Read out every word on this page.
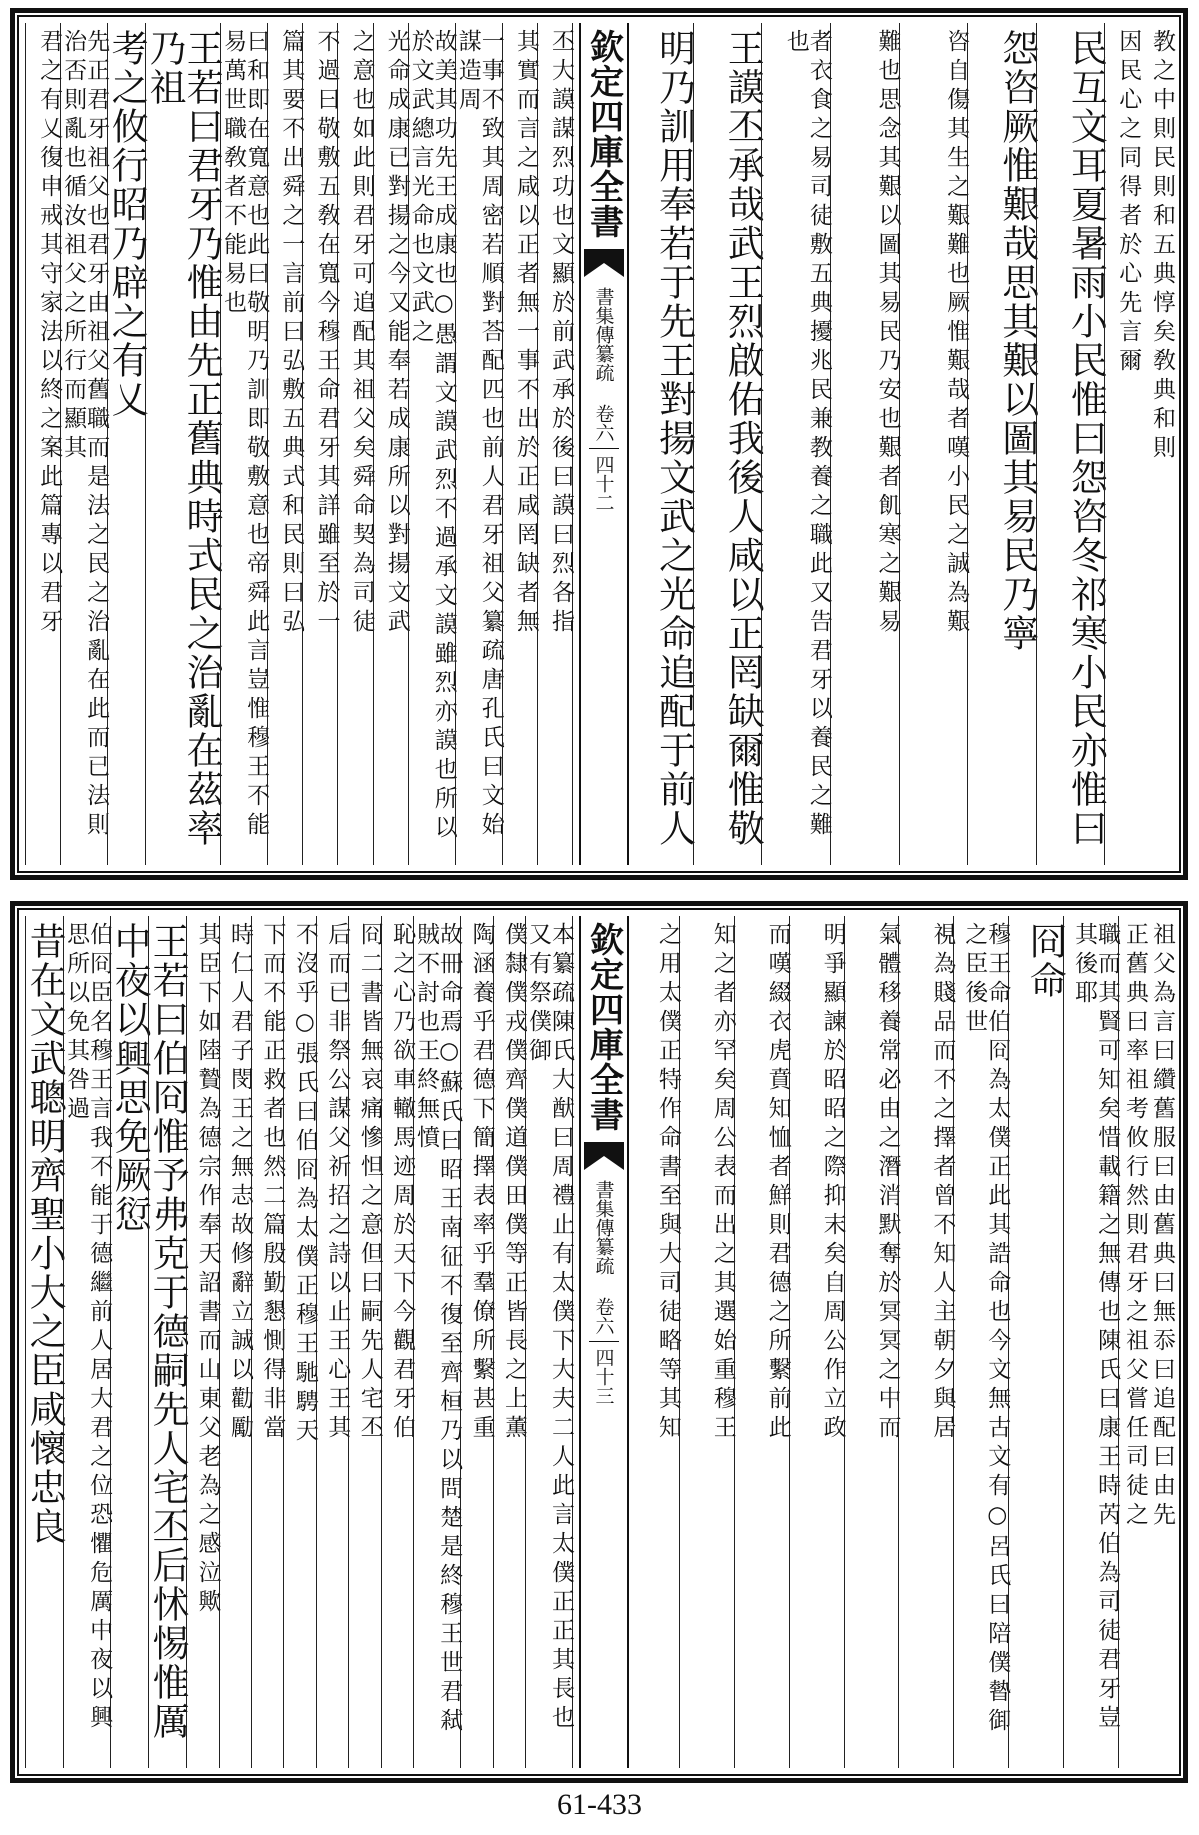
教之中則民則和五典惇矣敎典和則
因民心之同得者於心先言爾
民互文耳夏暑雨小民惟曰怨咨冬祁寒小民亦惟曰
怨咨厥惟艱哉思其艱以圖其易民乃寧
咨自傷其生之艱難也厥惟艱哉者嘆小民之誠為艱
難也思念其艱以圖其易民乃安也艱者飢寒之艱易
者衣食之易司徒敷五典擾兆民兼教養之職此又告君牙以養民之難也
王謨丕承哉武王烈啟佑我後人咸以正罔缺爾惟敬
明乃訓用奉若于先王對揚文武之光命追配于前人
欽定四庫全書
書集傳纂疏 卷六
四十二
丕大謨謀烈功也文顯於前武承於後曰謨曰烈各指
其實而言之咸以正者無一事不出於正咸罔缺者無
一事不致其周密若順對荅配匹也前人君牙祖父纂疏唐孔氏曰文始謀造周
故美其功先王成康也○愚謂文謨武烈不過承文謨雖烈亦謨也所以於文武總言光命也文武之
光命成康已對揚之今又能奉若成康所以對揚文武
之意也如此則君牙可追配其祖父矣舜命契為司徒
不過曰敬敷五敎在寬今穆王命君牙其詳雖至於一
篇其要不出舜之一言前曰弘敷五典式和民則曰弘
曰和即在寬意也此曰敬明乃訓即敬敷意也帝舜此言豈惟穆王不能易萬世職敎者不能易也
王若曰君牙乃惟由先正舊典時式民之治亂在茲率乃祖
考之攸行昭乃辟之有乂
先正君牙祖父也君牙由祖父舊職而是法之民之治亂在此而已法則治否則亂也循汝祖父之所行而顯其
君之有乂復申戒其守家法以終之案此篇專以君牙
祖父為言曰纘舊服曰由舊典曰無忝曰追配曰由先
正舊典曰率祖考攸行然則君牙之祖父嘗任司徒之
職而其賢可知矣惜載籍之無傳也陳氏曰康王時芮伯為司徒君牙豈其後耶
冏命
穆王命伯冏為太僕正此其誥命也今文無古文有○呂氏曰陪僕暬御之臣後世
視為賤品而不之擇者曾不知人主朝夕與居
氣體移養常必由之潛消默奪於冥冥之中而
明爭顯諫於昭昭之際抑末矣自周公作立政
而嘆綴衣虎賁知恤者鮮則君德之所繫前此
知之者亦罕矣周公表而出之其選始重穆王
之用太僕正特作命書至與大司徒略等其知
欽定四庫全書
書集傳纂疏 卷六
四十三
本纂疏陳氏大猷曰周禮止有太僕下大夫二人此言太僕正正其長也又有祭僕御
僕隸僕戎僕齊僕道僕田僕等正皆長之上薫
陶涵養乎君德下簡擇表率乎羣僚所繫甚重
故冊命焉○蘇氏曰昭王南征不復至齊桓乃以問楚是終穆王世君弒賊不討也王終無憤
恥之心乃欲車轍馬迹周於天下今觀君牙伯
冏二書皆無哀痛慘怛之意但曰嗣先人宅丕
后而已非祭公謀父祈招之詩以止王心王其
不沒乎○張氏曰伯冏為太僕正穆王馳騁天
下而不能正救者也然二篇殷勤懇惻得非當
時仁人君子閔王之無志故修辭立誠以勸勵
其臣下如陸贄為德宗作奉天詔書而山東父老為之感泣歟
王若曰伯冏惟予弗克于德嗣先人宅丕后怵惕惟厲
中夜以興思免厥愆
伯冏臣名穆王言我不能于德繼前人居大君之位恐懼危厲中夜以興思所以免其咎過
昔在文武聰明齊聖小大之臣咸懷忠良
61-433
